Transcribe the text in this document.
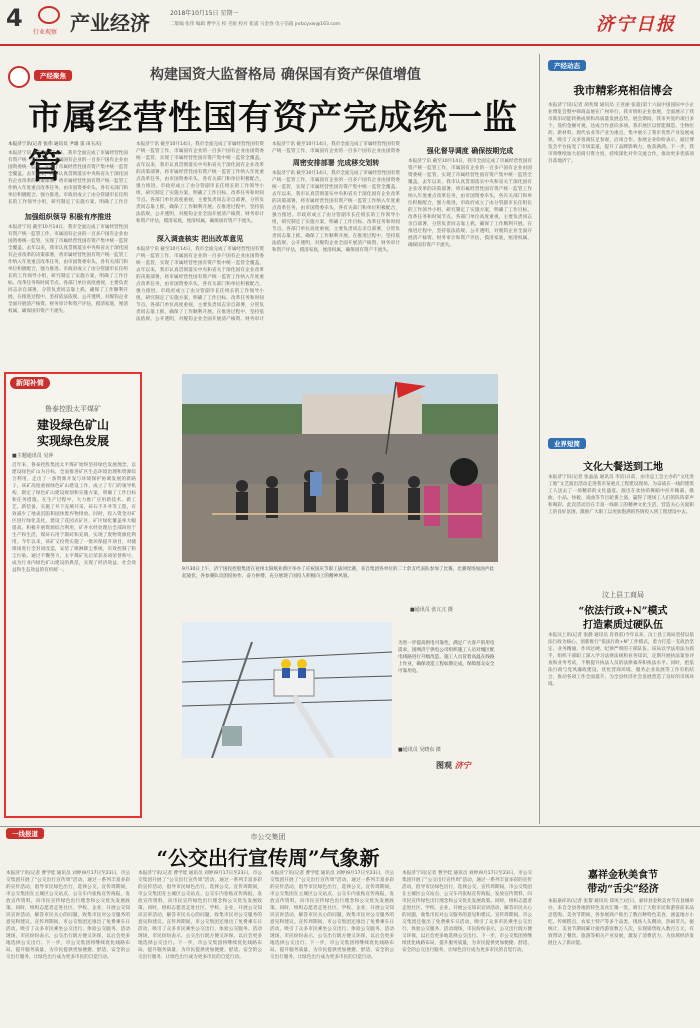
4
行业观察 产业经济	2018年10月15日 星期一
二版编 张伟 编辑 曹学玉 校 毛锐 校对 崔浦 马金春 电子信箱 jnrbcyxw@163.com	济宁日报
产经聚焦	构建国资大监督格局 确保国有资产保值增值
市属经营性国有资产完成统一监管
本报济宁讯(记者 张伟 通讯员 尹雄 雷 田玉庆)
本报济宁讯 截至10月14日，我市全面完成了市属经营性国有资产统一监管工作，市属国有企业的一百多户国有企业由国资委统一监管，实现了市属经营性国有资产集中统一监管全覆盖。去年以来，我市认真贯彻落实中央和省关于深化国有企业改革的决策部署，将市属经营性国有资产统一监管工作纳入年度重点改革任务，由市国资委牵头，各有关部门和单位积极配合，强力推进。市政府成立了由分管副市长任组长的工作领导小组，研究制定了实施方案，明确了工作目
加强组织领导 积极有序推进
本报济宁讯 截至10月14日，我市全面完成了市属经营性国有资产统一监管工作，市属国有企业的一百多户国有企业由国资委统一监管，实现了市属经营性国有资产集中统一监管全覆盖。去年以来，我市认真贯彻落实中央和省关于深化国有企业改革的决策部署，将市属经营性国有资产统一监管工作纳入年度重点改革任务，由市国资委牵头，各有关部门和单位积极配合，强力推进。市政府成立了由分管副市长任组长的工作领导小组，研究制定了实施方案，明确了工作目标、改革任务和时间节点。各部门单位高度重视，主要负责同志亲自部署，分管负责同志靠上抓，确保了工作顺利开展。在推进过程中，坚持依法依规、公开透明，对脱钩企业全面开展清产核资、财务审计和资产评估，摸清家底，厘清权属，确保国有资产不流失。
本报济宁讯 截至10月14日，我市全面完成了市属经营性国有资产统一监管工作，市属国有企业的一百多户国有企业由国资委统一监管，实现了市属经营性国有资产集中统一监管全覆盖。去年以来，我市认真贯彻落实中央和省关于深化国有企业改革的决策部署，将市属经营性国有资产统一监管工作纳入年度重点改革任务，由市国资委牵头，各有关部门和单位积极配合，强力推进。市政府成立了由分管副市长任组长的工作领导小组，研究制定了实施方案，明确了工作目标、改革任务和时间节点。各部门单位高度重视，主要负责同志亲自部署，分管负责同志靠上抓，确保了工作顺利开展。在推进过程中，坚持依法依规、公开透明，对脱钩企业全面开展清产核资、财务审计和资产评估，摸清家底，厘清权属，确保国有资产不流失。
深入调查核实 把出改革意见
本报济宁讯 截至10月14日，我市全面完成了市属经营性国有资产统一监管工作，市属国有企业的一百多户国有企业由国资委统一监管，实现了市属经营性国有资产集中统一监管全覆盖。去年以来，我市认真贯彻落实中央和省关于深化国有企业改革的决策部署，将市属经营性国有资产统一监管工作纳入年度重点改革任务，由市国资委牵头，各有关部门和单位积极配合，强力推进。市政府成立了由分管副市长任组长的工作领导小组，研究制定了实施方案，明确了工作目标、改革任务和时间节点。各部门单位高度重视，主要负责同志亲自部署，分管负责同志靠上抓，确保了工作顺利开展。在推进过程中，坚持依法依规、公开透明，对脱钩企业全面开展清产核资、财务审计
本报济宁讯 截至10月14日，我市全面完成了市属经营性国有资产统一监管工作，市属国有企业的一百多户国有企业由国资委
周密安排部署 完成移交划转
本报济宁讯 截至10月14日，我市全面完成了市属经营性国有资产统一监管工作，市属国有企业的一百多户国有企业由国资委统一监管，实现了市属经营性国有资产集中统一监管全覆盖。去年以来，我市认真贯彻落实中央和省关于深化国有企业改革的决策部署，将市属经营性国有资产统一监管工作纳入年度重点改革任务，由市国资委牵头，各有关部门和单位积极配合，强力推进。市政府成立了由分管副市长任组长的工作领导小组，研究制定了实施方案，明确了工作目标、改革任务和时间节点。各部门单位高度重视，主要负责同志亲自部署，分管负责同志靠上抓，确保了工作顺利开展。在推进过程中，坚持依法依规、公开透明，对脱钩企业全面开展清产核资、财务审计和资产评估，摸清家底，厘清权属，确保国有资产不流失。
强化督导调度 确保按期完成
本报济宁讯 截至10月14日，我市全面完成了市属经营性国有资产统一监管工作，市属国有企业的一百多户国有企业由国资委统一监管，实现了市属经营性国有资产集中统一监管全覆盖。去年以来，我市认真贯彻落实中央和省关于深化国有企业改革的决策部署，将市属经营性国有资产统一监管工作纳入年度重点改革任务，由市国资委牵头，各有关部门和单位积极配合，强力推进。市政府成立了由分管副市长任组长的工作领导小组，研究制定了实施方案，明确了工作目标、改革任务和时间节点。各部门单位高度重视，主要负责同志亲自部署，分管负责同志靠上抓，确保了工作顺利开展。在推进过程中，坚持依法依规、公开透明，对脱钩企业全面开展清产核资、财务审计和资产评估，摸清家底，厘清权属，确保国有资产不流失。
产经动态
我市精彩亮相信博会
本报济宁讯(记者 胡兆瑞 通讯员 王亚丽 张超)第十六届中国国际中小企业博览会暨中韩商品展在广州举行，我市组织企业参展，全面展示了我市新旧动能转换成果和高质量发展态势。展会期间，我市共签约项目多个，签约金额可观，达成合作意向多项。我市展区以智能制造、生物医药、新材料、现代农业等产业为重点，集中展示了我市优势产业发展成果，吸引了众多客商驻足参观、洽谈合作。参展企业纷纷表示，通过博览会平台拓宽了市场渠道，提升了品牌影响力，收获满满。下一步，我市将继续加大招商引资力度，持续深化对外交流合作，推动更多优质项目落地济宁。
新闻补简
鲁泰控股太平煤矿
建设绿色矿山
实现绿色发展
■主题通讯员 吴萍
近年来，鲁泰控股集团太平煤矿始终坚持绿色发展理念，以建设绿色矿山为目标，全面推进矿区生态环境治理和资源综合利用，走出了一条资源开发与环境保护协调发展的新路子。该矿高度重视绿色矿山建设工作，成立了专门的领导机构，制定了绿色矿山建设规划和实施方案，明确了工作目标和任务措施。在生产过程中，大力推广应用新技术、新工艺、新装备，实施了井下充填开采、矸石不升井等工程，有效减少了地表沉陷和固体废弃物排放。同时，投入资金对矿区进行绿化美化，建设了花园式矿区，矿区绿化覆盖率大幅提高。积极开展资源综合利用，矿井水经处理后全部回用于生产和生活，煤矸石用于制砖和充填，实现了废物资源化利用。今年以来，该矿又投资实施了一批环保提升项目，对储煤场进行全封闭改造，安装了喷淋降尘系统，有效控制了粉尘污染。通过不懈努力，太平煤矿先后荣获多项荣誉称号，成为行业内绿色矿山建设的典范，实现了经济效益、社会效益和生态效益的有机统一。	9月30日上午，济宁国投控股集团在兖州太阳纸业新区举办了庆祝国庆节职工拔河比赛，来自集团各单位的二十余支代表队参加了比赛。比赛现场加油声此起彼伏，各参赛队员团结协作、奋力拼搏，充分展现了国投人积极向上的精神风貌。
■通讯员 张亢亢 摄
为进一步提高供电可靠性，满足广大客户的用电需求，国网济宁供电公司组织施工人员对城区配电线路进行升级改造，施工人员冒着高温在线路上作业，确保改造工程如期完成，保障群众安全可靠用电。
■通讯员 吴晓东 摄
图观 济宁
业界短简
文化大餐送到工地
本报济宁讯(记者 张晶晶 通讯员 李洁)日前，由市总工会主办的“文化进工地”文艺演出活动走进我市某重点工程建设现场，为奋战在一线的建筑工人送去了一场精彩的文化盛宴。演出在欢快的舞蹈中拉开帷幕，歌曲、小品、快板、戏曲等节目轮番上演，赢得了现场工人们的阵阵掌声和喝彩。此次活动旨在丰富一线职工的精神文化生活，营造关心关爱职工的良好氛围，激励广大职工以更加饱满的热情投入到工程建设中去。
汶上县工商局
“依法行政+N”模式
打造素质过硬队伍
本报汶上讯(记者 张静 通讯员 肖春雷)今年以来，汶上县工商局坚持以依法行政为核心，创新推行“依法行政+N”工作模式，着力打造一支政治坚定、业务精通、作风过硬、纪律严明的干部队伍。该局以学法用法为抓手，组织干部职工深入学习法律法规和业务知识，定期开展执法案卷评查和业务考试，不断提升执法人员的法律素养和执法水平。同时，把依法行政与党风廉政建设、优化营商环境、服务企业发展等工作有机结合，推动各项工作全面提升，为全县经济社会发展营造了良好的市场环境。
一线报道	市公交集团
“公交出行宣传周”气象新
本报济宁讯(记者 曹学娃 通讯员 刘婷)9月17日至23日，市公交集团开展了“公交出行宣传周”活动，通过一系列丰富多彩的宣传活动，倡导市民绿色出行，选择公交。宣传周期间，市公交集团在主城区公交站点、公交车内张贴宣传海报，发放宣传资料，向市民宣传绿色出行理念和公交优先发展政策。同时，组织志愿者走进社区、学校、企业，开展公交知识宣讲活动，解答市民关心的问题，收集市民对公交服务的意见和建议。宣传周期间，市公交集团还推出了免费乘车日活动，吸引了众多市民乘坐公交出行，体验公交服务。活动现场，市民纷纷表示，公交出行既方便又环保，以后会更多地选择公交出行。下一步，市公交集团将继续优化线路布局，提升服务质量，为市民提供更加便捷、舒适、安全的公交出行服务，让绿色出行成为更多市民的自觉行动。
本报济宁讯(记者 曹学娃 通讯员 刘婷)9月17日至23日，市公交集团开展了“公交出行宣传周”活动，通过一系列丰富多彩的宣传活动，倡导市民绿色出行，选择公交。宣传周期间，市公交集团在主城区公交站点、公交车内张贴宣传海报，发放宣传资料，向市民宣传绿色出行理念和公交优先发展政策。同时，组织志愿者走进社区、学校、企业，开展公交知识宣讲活动，解答市民关心的问题，收集市民对公交服务的意见和建议。宣传周期间，市公交集团还推出了免费乘车日活动，吸引了众多市民乘坐公交出行，体验公交服务。活动现场，市民纷纷表示，公交出行既方便又环保，以后会更多地选择公交出行。下一步，市公交集团将继续优化线路布局，提升服务质量，为市民提供更加便捷、舒适、安全的公交出行服务，让绿色出行成为更多市民的自觉行动。
本报济宁讯(记者 曹学娃 通讯员 刘婷)9月17日至23日，市公交集团开展了“公交出行宣传周”活动，通过一系列丰富多彩的宣传活动，倡导市民绿色出行，选择公交。宣传周期间，市公交集团在主城区公交站点、公交车内张贴宣传海报，发放宣传资料，向市民宣传绿色出行理念和公交优先发展政策。同时，组织志愿者走进社区、学校、企业，开展公交知识宣讲活动，解答市民关心的问题，收集市民对公交服务的意见和建议。宣传周期间，市公交集团还推出了免费乘车日活动，吸引了众多市民乘坐公交出行，体验公交服务。活动现场，市民纷纷表示，公交出行既方便又环保，以后会更多地选择公交出行。下一步，市公交集团将继续优化线路布局，提升服务质量，为市民提供更加便捷、舒适、安全的公交出行服务，让绿色出行成为更多市民的自觉行动。
本报济宁讯(记者 曹学娃 通讯员 刘婷)9月17日至23日，市公交集团开展了“公交出行宣传周”活动，通过一系列丰富多彩的宣传活动，倡导市民绿色出行，选择公交。宣传周期间，市公交集团在主城区公交站点、公交车内张贴宣传海报，发放宣传资料，向市民宣传绿色出行理念和公交优先发展政策。同时，组织志愿者走进社区、学校、企业，开展公交知识宣讲活动，解答市民关心的问题，收集市民对公交服务的意见和建议。宣传周期间，市公交集团还推出了免费乘车日活动，吸引了众多市民乘坐公交出行，体验公交服务。活动现场，市民纷纷表示，公交出行既方便又环保，以后会更多地选择公交出行。下一步，市公交集团将继续优化线路布局，提升服务质量，为市民提供更加便捷、舒适、安全的公交出行服务，让绿色出行成为更多市民的自觉行动。
嘉祥金秋美食节
带动“舌尖”经济
本报嘉祥讯(记者 张黎 通讯员 郑凤兰)近日，嘉祥县金秋美食节在县城举办，来自全县各地的特色美食汇聚一堂，吸引了大批市民和游客前来品尝选购。美食节期间，各参展商户推出了数百种特色美食，涵盖地方小吃、传统糕点、农家土特产等多个品类，现场人头攒动，热闹非凡。据统计，美食节期间累计接待游客数万人次，实现销售收入数百万元，有效带动了餐饮、旅游等相关产业发展，激发了消费活力，为县域经济发展注入了新动能。
